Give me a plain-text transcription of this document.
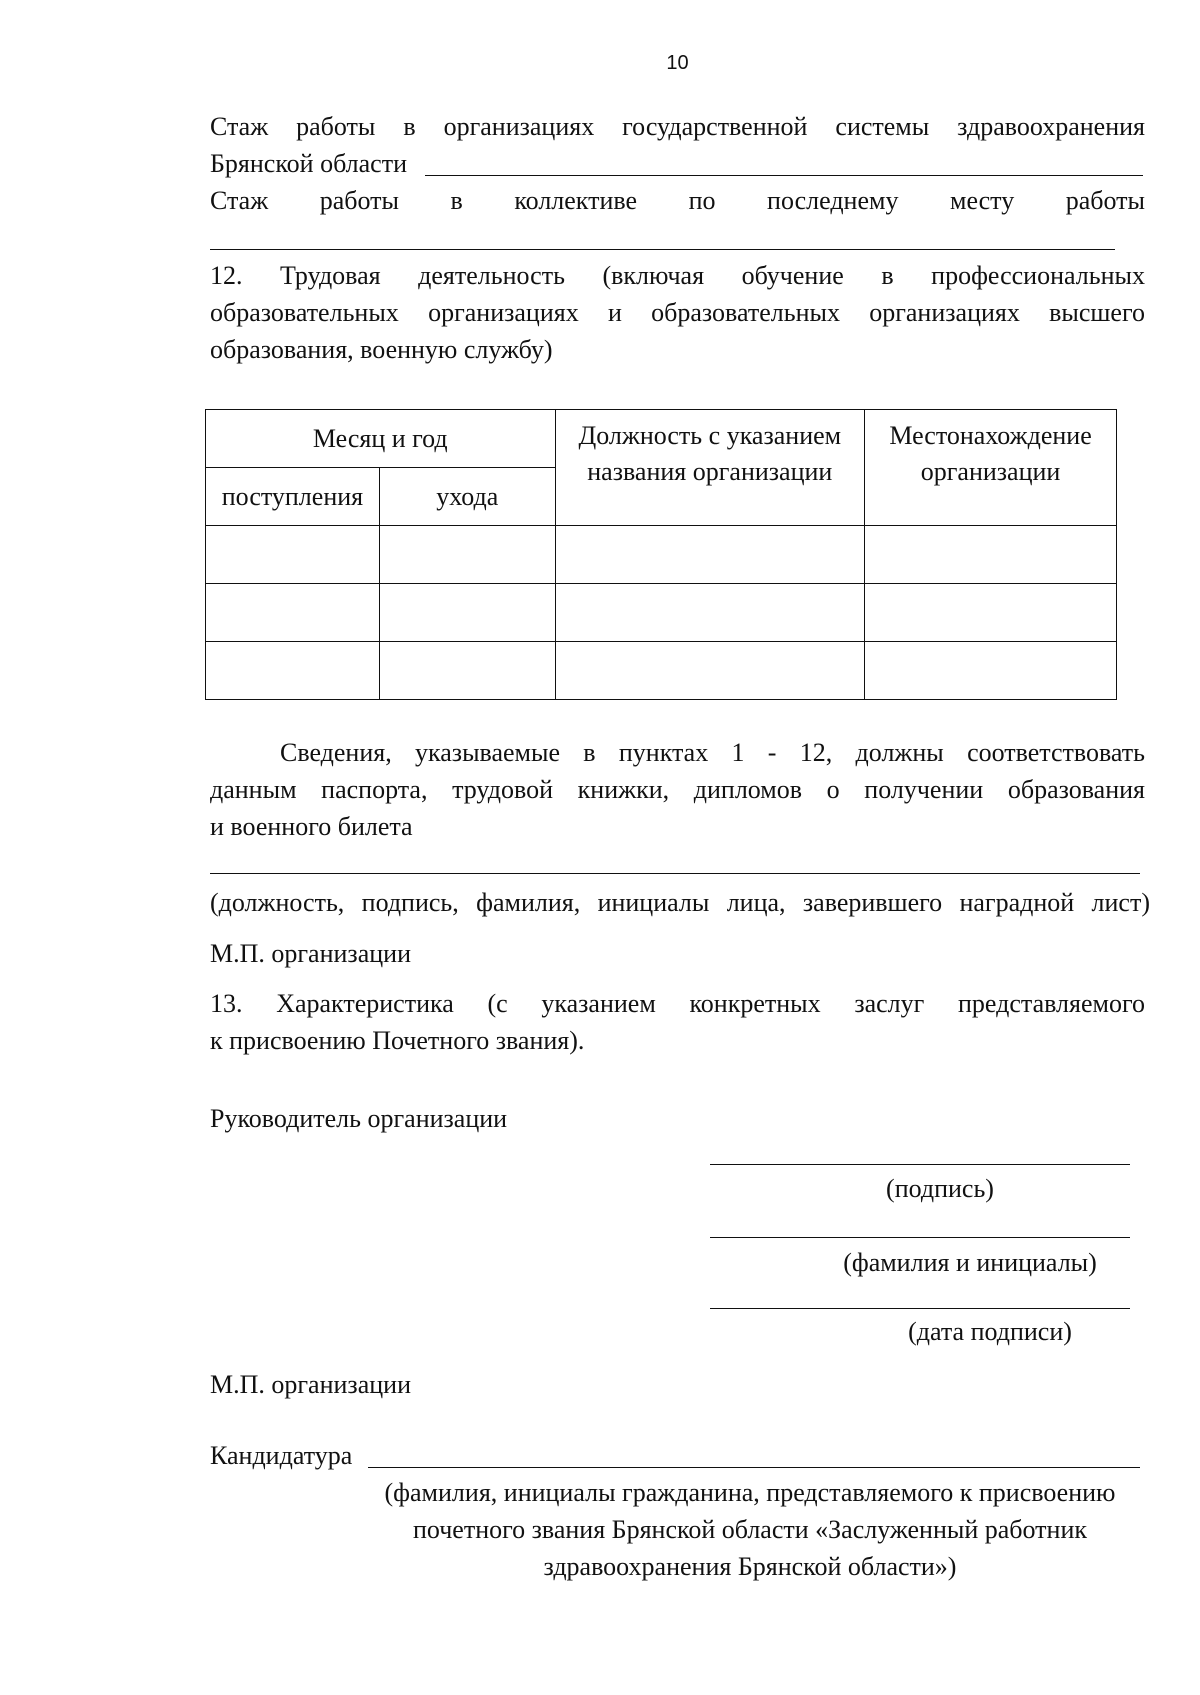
10
Стаж работы в организациях государственной системы здравоохранения
Брянской области
Стаж работы в коллективе по последнему месту работы
12. Трудовая деятельность (включая обучение в профессиональных
образовательных организациях и образовательных организациях высшего
образования, военную службу)
Месяц и год		Должность с указанием названия организации	Местонахождение организации
поступления	ухода		

Сведения, указываемые в пунктах 1 - 12, должны соответствовать
данным паспорта, трудовой книжки, дипломов о получении образования
и военного билета
(должность, подпись, фамилия, инициалы лица, заверившего наградной лист)
М.П. организации
13. Характеристика (с указанием конкретных заслуг представляемого
к присвоению Почетного звания).
Руководитель организации
(подпись)
(фамилия и инициалы)
(дата подписи)
М.П. организации
Кандидатура
(фамилия, инициалы гражданина, представляемого к присвоению
почетного звания Брянской области «Заслуженный работник
здравоохранения Брянской области»)
